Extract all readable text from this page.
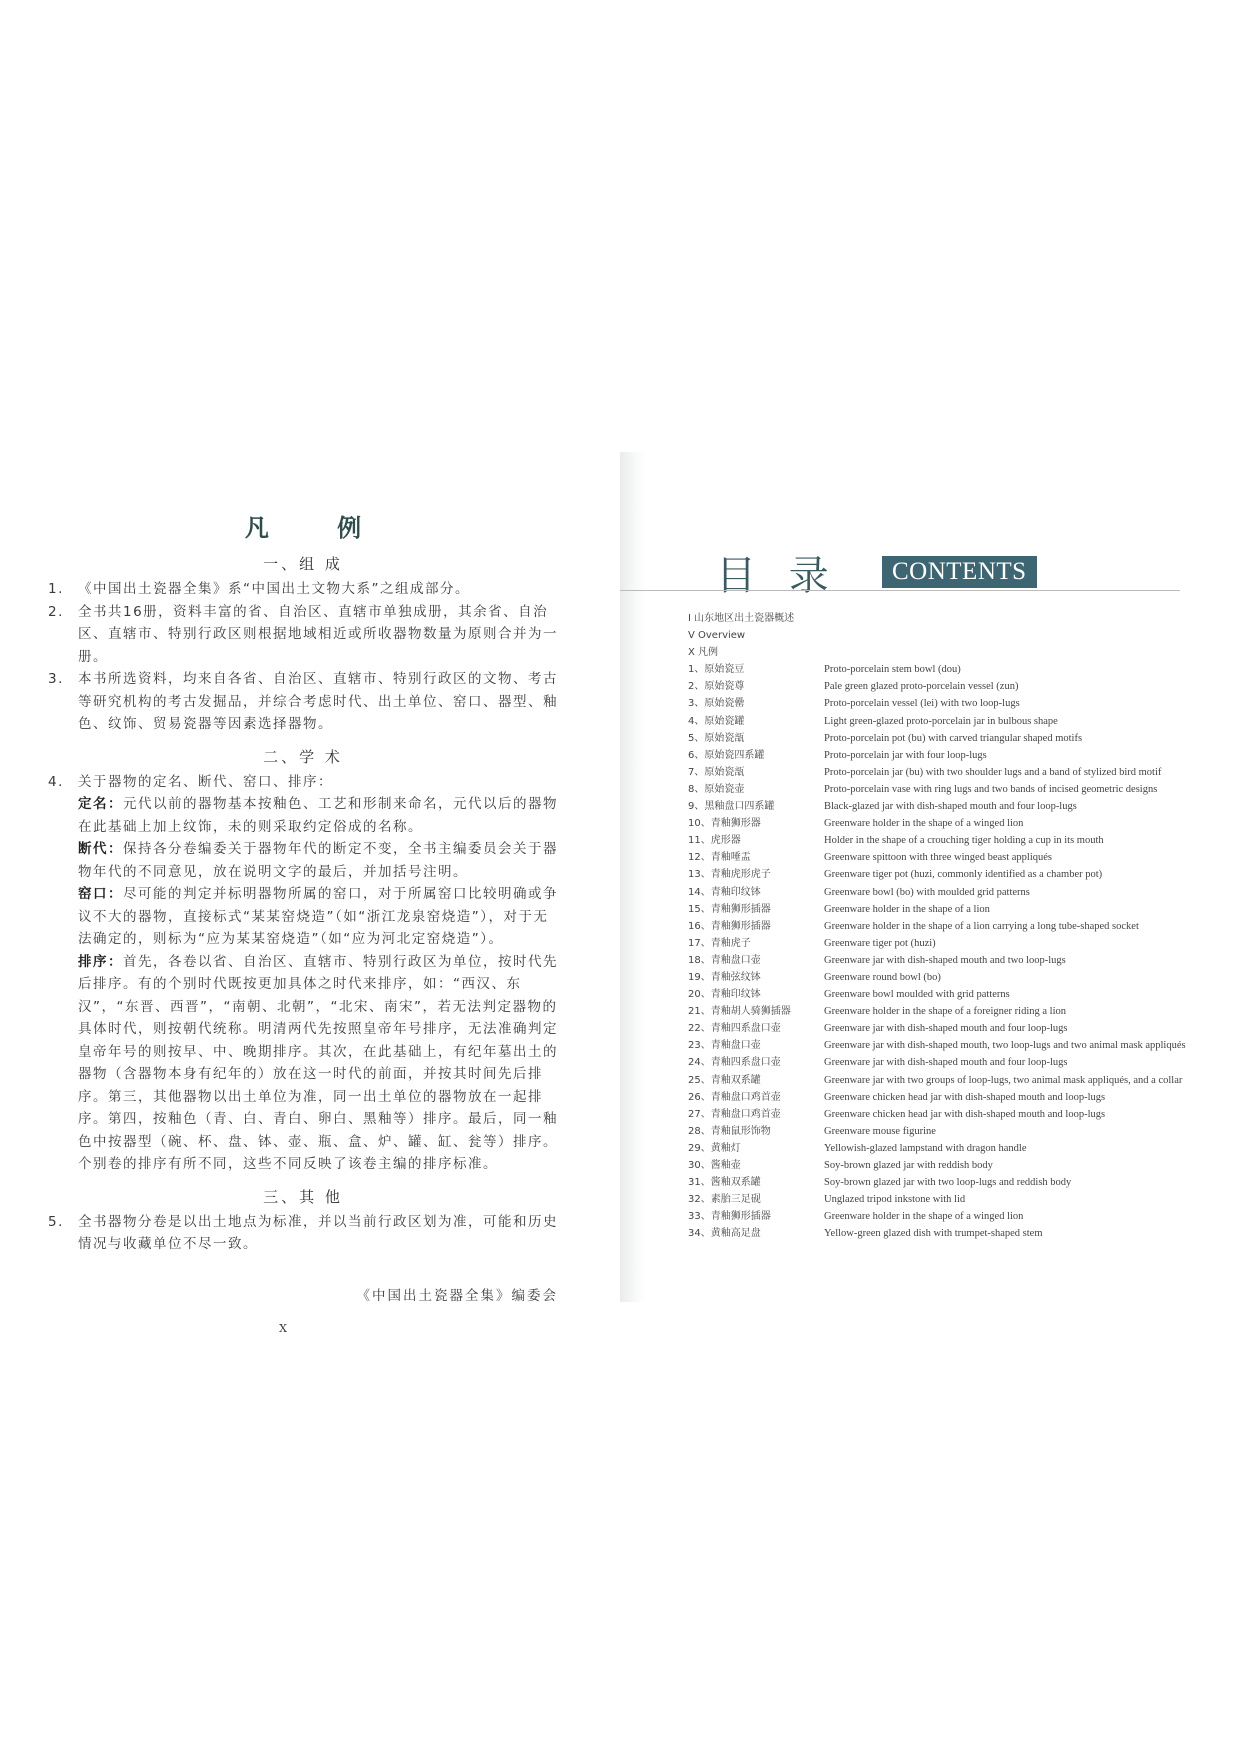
凡 例
一、组 成
1.	《中国出土瓷器全集》系“中国出土文物大系”之组成部分。
2.	全书共16册，资料丰富的省、自治区、直辖市单独成册，其余省、自治区、直辖市、特别行政区则根据地域相近或所收器物数量为原则合并为一册。
3.	本书所选资料，均来自各省、自治区、直辖市、特别行政区的文物、考古等研究机构的考古发掘品，并综合考虑时代、出土单位、窑口、器型、釉色、纹饰、贸易瓷器等因素选择器物。
二、学 术
4.	关于器物的定名、断代、窑口、排序：

定名：元代以前的器物基本按釉色、工艺和形制来命名，元代以后的器物在此基础上加上纹饰，未的则采取约定俗成的名称。

断代：保持各分卷编委关于器物年代的断定不变，全书主编委员会关于器物年代的不同意见，放在说明文字的最后，并加括号注明。

窑口：尽可能的判定并标明器物所属的窑口，对于所属窑口比较明确或争议不大的器物，直接标式“某某窑烧造”（如“浙江龙泉窑烧造”），对于无法确定的，则标为“应为某某窑烧造”（如“应为河北定窑烧造”）。

排序：首先，各卷以省、自治区、直辖市、特别行政区为单位，按时代先后排序。有的个别时代既按更加具体之时代来排序，如：“西汉、东汉”，“东晋、西晋”，“南朝、北朝”，“北宋、南宋”，若无法判定器物的具体时代，则按朝代统称。明清两代先按照皇帝年号排序，无法准确判定皇帝年号的则按早、中、晚期排序。其次，在此基础上，有纪年墓出土的器物（含器物本身有纪年的）放在这一时代的前面，并按其时间先后排序。第三，其他器物以出土单位为准，同一出土单位的器物放在一起排序。第四，按釉色（青、白、青白、卵白、黑釉等）排序。最后，同一釉色中按器型（碗、杯、盘、钵、壶、瓶、盒、炉、罐、缸、瓮等）排序。个别卷的排序有所不同，这些不同反映了该卷主编的排序标准。

三、其 他
5.	全书器物分卷是以出土地点为标准，并以当前行政区划为准，可能和历史情况与收藏单位不尽一致。
《中国出土瓷器全集》编委会
X
目 录	CONTENTS
I 山东地区出土瓷器概述
V Overview
X 凡例
1、原始瓷豆	Proto-porcelain stem bowl (dou)
2、原始瓷尊	Pale green glazed proto-porcelain vessel (zun)
3、原始瓷罍	Proto-porcelain vessel (lei) with two loop-lugs
4、原始瓷罐	Light green-glazed proto-porcelain jar in bulbous shape
5、原始瓷瓿	Proto-porcelain pot (bu) with carved triangular shaped motifs
6、原始瓷四系罐	Proto-porcelain jar with four loop-lugs
7、原始瓷瓿	Proto-porcelain jar (bu) with two shoulder lugs and a band of stylized bird motif
8、原始瓷壶	Proto-porcelain vase with ring lugs and two bands of incised geometric designs
9、黑釉盘口四系罐	Black-glazed jar with dish-shaped mouth and four loop-lugs
10、青釉狮形器	Greenware holder in the shape of a winged lion
11、虎形器	Holder in the shape of a crouching tiger holding a cup in its mouth
12、青釉唾盂	Greenware spittoon with three winged beast appliqués
13、青釉虎形虎子	Greenware tiger pot (huzi, commonly identified as a chamber pot)
14、青釉印纹钵	Greenware bowl (bo) with moulded grid patterns
15、青釉狮形插器	Greenware holder in the shape of a lion
16、青釉狮形插器	Greenware holder in the shape of a lion carrying a long tube-shaped socket
17、青釉虎子	Greenware tiger pot (huzi)
18、青釉盘口壶	Greenware jar with dish-shaped mouth and two loop-lugs
19、青釉弦纹钵	Greenware round bowl (bo)
20、青釉印纹钵	Greenware bowl moulded with grid patterns
21、青釉胡人骑狮插器	Greenware holder in the shape of a foreigner riding a lion
22、青釉四系盘口壶	Greenware jar with dish-shaped mouth and four loop-lugs
23、青釉盘口壶	Greenware jar with dish-shaped mouth, two loop-lugs and two animal mask appliqués
24、青釉四系盘口壶	Greenware jar with dish-shaped mouth and four loop-lugs
25、青釉双系罐	Greenware jar with two groups of loop-lugs, two animal mask appliqués, and a collar
26、青釉盘口鸡首壶	Greenware chicken head jar with dish-shaped mouth and loop-lugs
27、青釉盘口鸡首壶	Greenware chicken head jar with dish-shaped mouth and loop-lugs
28、青釉鼠形饰物	Greenware mouse figurine
29、黄釉灯	Yellowish-glazed lampstand with dragon handle
30、酱釉壶	Soy-brown glazed jar with reddish body
31、酱釉双系罐	Soy-brown glazed jar with two loop-lugs and reddish body
32、素胎三足砚	Unglazed tripod inkstone with lid
33、青釉狮形插器	Greenware holder in the shape of a winged lion
34、黄釉高足盘	Yellow-green glazed dish with trumpet-shaped stem
